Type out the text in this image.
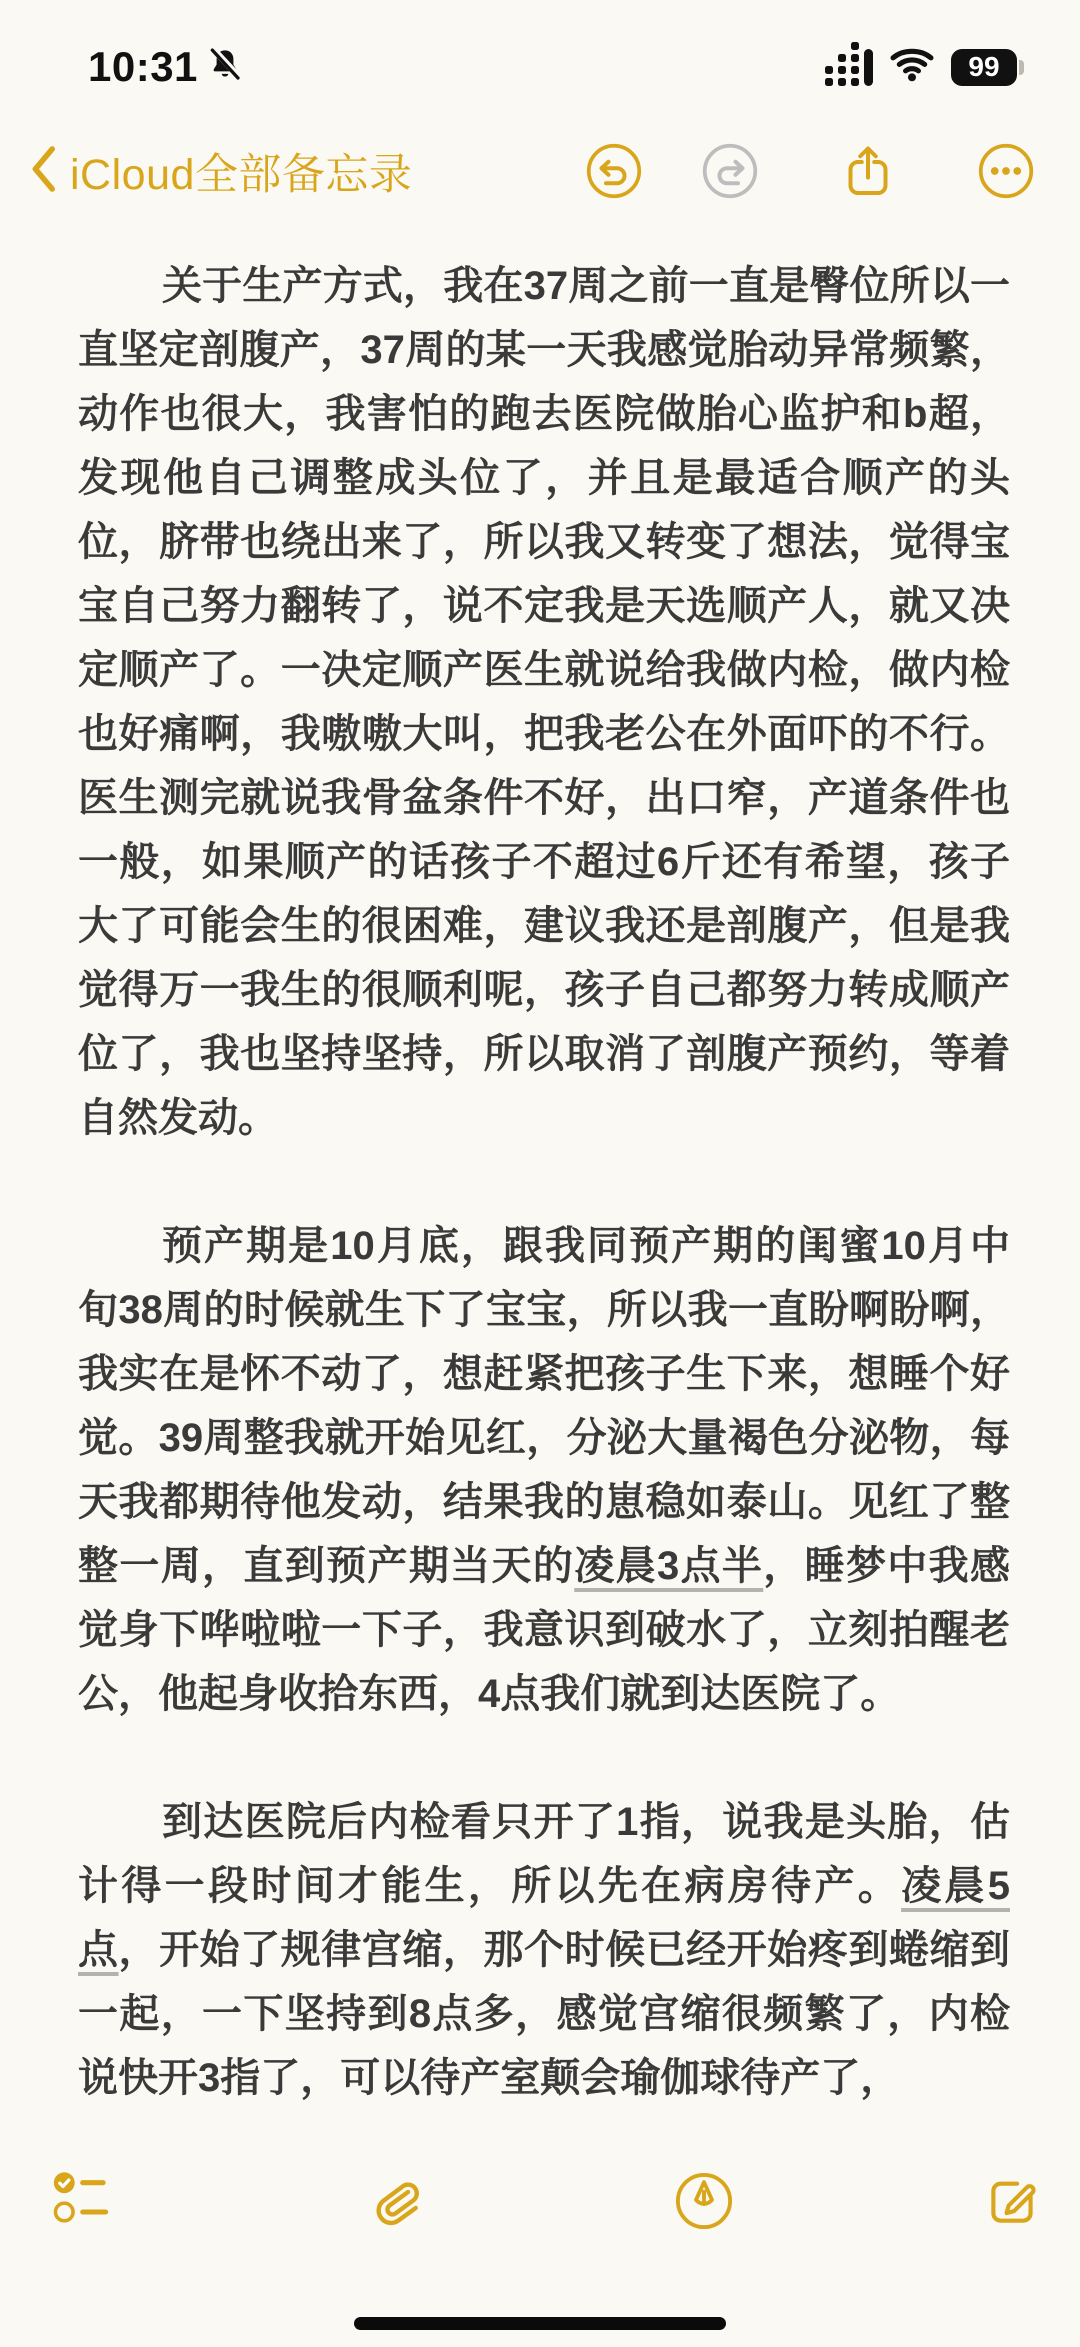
10:31	99
iCloud全部备忘录

关于生产方式，我在37周之前一直是臀位所以一直坚定剖腹产，37周的某一天我感觉胎动异常频繁，动作也很大，我害怕的跑去医院做胎心监护和b超，发现他自己调整成头位了，并且是最适合顺产的头位，脐带也绕出来了，所以我又转变了想法，觉得宝宝自己努力翻转了，说不定我是天选顺产人，就又决定顺产了。一决定顺产医生就说给我做内检，做内检也好痛啊，我嗷嗷大叫，把我老公在外面吓的不行。医生测完就说我骨盆条件不好，出口窄，产道条件也一般，如果顺产的话孩子不超过6斤还有希望，孩子大了可能会生的很困难，建议我还是剖腹产，但是我觉得万一我生的很顺利呢，孩子自己都努力转成顺产位了，我也坚持坚持，所以取消了剖腹产预约，等着自然发动。

预产期是10月底，跟我同预产期的闺蜜10月中旬38周的时候就生下了宝宝，所以我一直盼啊盼啊，我实在是怀不动了，想赶紧把孩子生下来，想睡个好觉。39周整我就开始见红，分泌大量褐色分泌物，每天我都期待他发动，结果我的崽稳如泰山。见红了整整一周，直到预产期当天的凌晨3点半，睡梦中我感觉身下哗啦啦一下子，我意识到破水了，立刻拍醒老公，他起身收拾东西，4点我们就到达医院了。

到达医院后内检看只开了1指，说我是头胎，估计得一段时间才能生，所以先在病房待产。凌晨5点，开始了规律宫缩，那个时候已经开始疼到蜷缩到一起，一下坚持到8点多，感觉宫缩很频繁了，内检说快开3指了，可以待产室颠会瑜伽球待产了，
